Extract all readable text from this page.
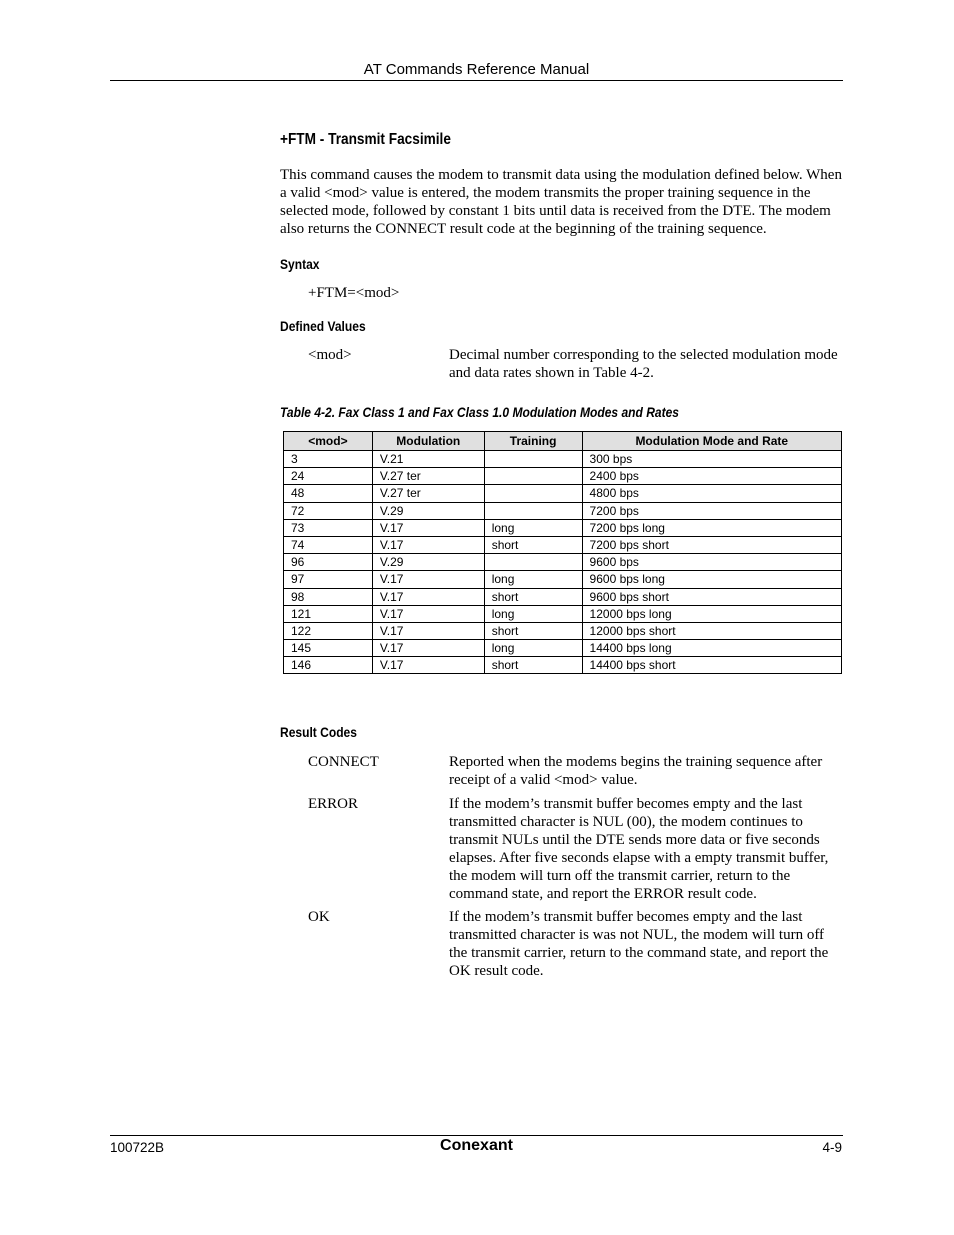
AT Commands Reference Manual
+FTM - Transmit Facsimile
This command causes the modem to transmit data using the modulation defined below. When a valid <mod> value is entered, the modem transmits the proper training sequence in the selected mode, followed by constant 1 bits until data is received from the DTE. The modem also returns the CONNECT result code at the beginning of the training sequence.
Syntax
+FTM=<mod>
Defined Values
<mod>	Decimal number corresponding to the selected modulation mode and data rates shown in Table 4-2.
Table 4-2. Fax Class 1 and Fax Class 1.0 Modulation Modes and Rates
<mod>	Modulation	Training	Modulation Mode and Rate
3	V.21		300 bps
24	V.27 ter		2400 bps
48	V.27 ter		4800 bps
72	V.29		7200 bps
73	V.17	long	7200 bps long
74	V.17	short	7200 bps short
96	V.29		9600 bps
97	V.17	long	9600 bps long
98	V.17	short	9600 bps short
121	V.17	long	12000 bps long
122	V.17	short	12000 bps short
145	V.17	long	14400 bps long
146	V.17	short	14400 bps short
Result Codes
CONNECT	Reported when the modems begins the training sequence after receipt of a valid <mod> value.
ERROR	If the modem’s transmit buffer becomes empty and the last transmitted character is NUL (00), the modem continues to transmit NULs until the DTE sends more data or five seconds elapses. After five seconds elapse with a empty transmit buffer, the modem will turn off the transmit carrier, return to the command state, and report the ERROR result code.
OK	If the modem’s transmit buffer becomes empty and the last transmitted character is was not NUL, the modem will turn off the transmit carrier, return to the command state, and report the OK result code.
100722B	Conexant	4-9
